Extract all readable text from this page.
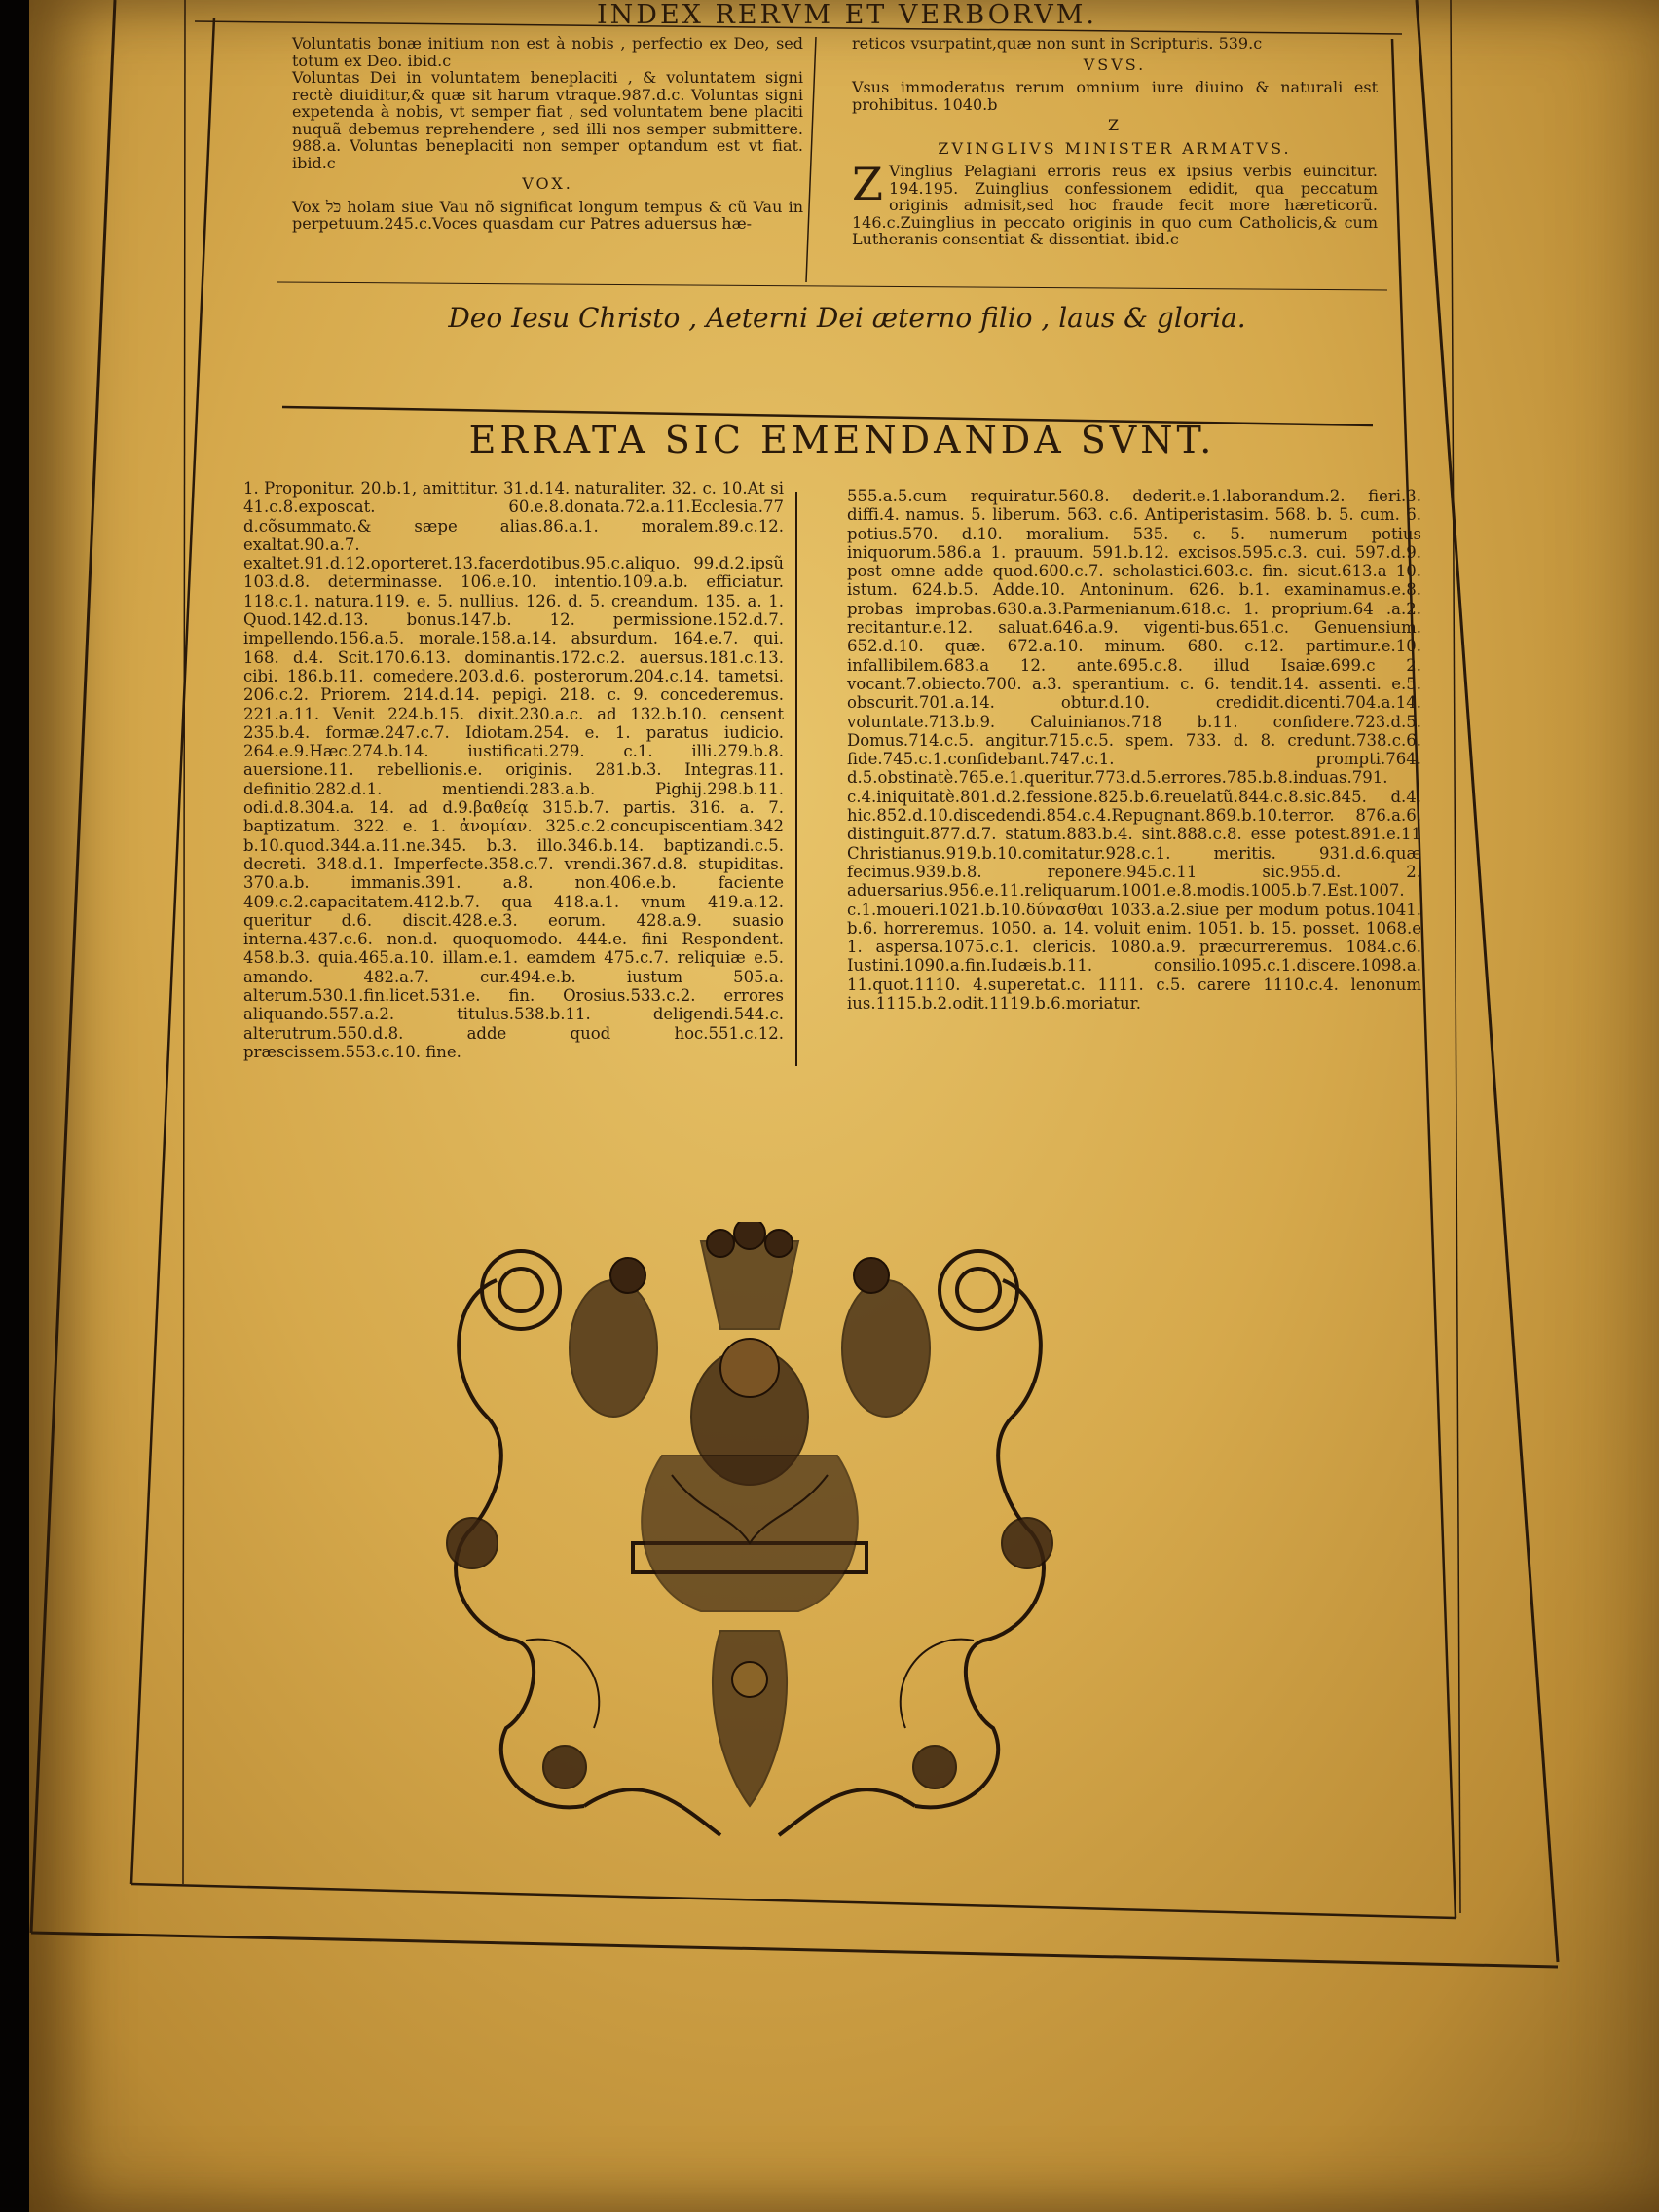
INDEX RERVM ET VERBORVM.

Voluntatis bonæ initium non est à nobis , perfectio ex Deo, sed totum ex Deo. ibid.c

Voluntas Dei in voluntatem beneplaciti , & voluntatem signi rectè diuiditur,& quæ sit harum vtraque.987.d.c. Voluntas signi expetenda à nobis, vt semper fiat , sed voluntatem bene placiti nuquã debemus reprehendere , sed illi nos semper submittere. 988.a. Voluntas beneplaciti non semper optandum est vt fiat. ibid.c

VOX.

Vox כֹּל holam siue Vau nõ significat longum tempus & cũ Vau in perpetuum.245.c.Voces quasdam cur Patres aduersus hæ-

reticos vsurpatint,quæ non sunt in Scripturis. 539.c

VSVS.

Vsus immoderatus rerum omnium iure diuino & naturali est prohibitus. 1040.b

Z
ZVINGLIVS MINISTER ARMATVS.

Z Vinglius Pelagiani erroris reus ex ipsius verbis euincitur. 194.195. Zuinglius confessionem edidit, qua peccatum originis admisit,sed hoc fraude fecit more hæreticorũ. 146.c.Zuinglius in peccato originis in quo cum Catholicis,& cum Lutheranis consentiat & dissentiat. ibid.c

Deo Iesu Christo , Aeterni Dei æterno filio , laus & gloria.
ERRATA SIC EMENDANDA SVNT.
1. Proponitur. 20.b.1, amittitur. 31.d.14. naturaliter. 32. c. 10.At si 41.c.8.exposcat. 60.e.8.donata.72.a.11.Ecclesia.77 d.cõsummato.& sæpe alias.86.a.1. moralem.89.c.12. exaltat.90.a.7. exaltet.91.d.12.oporteret.13.facerdotibus.95.c.aliquo. 99.d.2.ipsũ 103.d.8. determinasse. 106.e.10. intentio.109.a.b. efficiatur. 118.c.1. natura.119. e. 5. nullius. 126. d. 5. creandum. 135. a. 1. Quod.142.d.13. bonus.147.b. 12. permissione.152.d.7. impellendo.156.a.5. morale.158.a.14. absurdum. 164.e.7. qui. 168. d.4. Scit.170.6.13. dominantis.172.c.2. auersus.181.c.13. cibi. 186.b.11. comedere.203.d.6. posterorum.204.c.14. tametsi. 206.c.2. Priorem. 214.d.14. pepigi. 218. c. 9. concederemus. 221.a.11. Venit 224.b.15. dixit.230.a.c. ad 132.b.10. censent 235.b.4. formæ.247.c.7. Idiotam.254. e. 1. paratus iudicio. 264.e.9.Hæc.274.b.14. iustificati.279. c.1. illi.279.b.8. auersione.11. rebellionis.e. originis. 281.b.3. Integras.11. definitio.282.d.1. mentiendi.283.a.b. Pighij.298.b.11. odi.d.8.304.a. 14. ad d.9.βαθείᾳ 315.b.7. partis. 316. a. 7. baptizatum. 322. e. 1. ἀνομίαν. 325.c.2.concupiscentiam.342 b.10.quod.344.a.11.ne.345. b.3. illo.346.b.14. baptizandi.c.5. decreti. 348.d.1. Imperfecte.358.c.7. vrendi.367.d.8. stupiditas. 370.a.b. immanis.391. a.8. non.406.e.b. faciente 409.c.2.capacitatem.412.b.7. qua 418.a.1. vnum 419.a.12. queritur d.6. discit.428.e.3. eorum. 428.a.9. suasio interna.437.c.6. non.d. quoquomodo. 444.e. fini Respondent. 458.b.3. quia.465.a.10. illam.e.1. eamdem 475.c.7. reliquiæ e.5. amando. 482.a.7. cur.494.e.b. iustum 505.a. alterum.530.1.fin.licet.531.e. fin. Orosius.533.c.2. errores aliquando.557.a.2. titulus.538.b.11. deligendi.544.c. alterutrum.550.d.8. adde quod hoc.551.c.12. præscissem.553.c.10. fine.
555.a.5.cum requiratur.560.8. dederit.e.1.laborandum.2. fieri.3. diffi.4. namus. 5. liberum. 563. c.6. Antiperistasim. 568. b. 5. cum. 6. potius.570. d.10. moralium. 535. c. 5. numerum potius iniquorum.586.a 1. prauum. 591.b.12. excisos.595.c.3. cui. 597.d.9. post omne adde quod.600.c.7. scholastici.603.c. fin. sicut.613.a 10. istum. 624.b.5. Adde.10. Antoninum. 626. b.1. examinamus.e.8. probas improbas.630.a.3.Parmenianum.618.c. 1. proprium.64 .a.2. recitantur.e.12. saluat.646.a.9. vigenti-bus.651.c. Genuensium. 652.d.10. quæ. 672.a.10. minum. 680. c.12. partimur.e.10. infallibilem.683.a 12. ante.695.c.8. illud Isaiæ.699.c 2. vocant.7.obiecto.700. a.3. sperantium. c. 6. tendit.14. assenti. e.5. obscurit.701.a.14. obtur.d.10. credidit.dicenti.704.a.14. voluntate.713.b.9. Caluinianos.718 b.11. confidere.723.d.5. Domus.714.c.5. angitur.715.c.5. spem. 733. d. 8. credunt.738.c.6. fide.745.c.1.confidebant.747.c.1. prompti.764. d.5.obstinatè.765.e.1.queritur.773.d.5.errores.785.b.8.induas.791. c.4.iniquitatè.801.d.2.fessione.825.b.6.reuelatũ.844.c.8.sic.845. d.4. hic.852.d.10.discedendi.854.c.4.Repugnant.869.b.10.terror. 876.a.6. distinguit.877.d.7. statum.883.b.4. sint.888.c.8. esse potest.891.e.11 Christianus.919.b.10.comitatur.928.c.1. meritis. 931.d.6.quæ fecimus.939.b.8. reponere.945.c.11 sic.955.d. 2. aduersarius.956.e.11.reliquarum.1001.e.8.modis.1005.b.7.Est.1007. c.1.moueri.1021.b.10.δύνασθαι 1033.a.2.siue per modum potus.1041. b.6. horreremus. 1050. a. 14. voluit enim. 1051. b. 15. posset. 1068.e 1. aspersa.1075.c.1. clericis. 1080.a.9. præcurreremus. 1084.c.6. Iustini.1090.a.fin.Iudæis.b.11. consilio.1095.c.1.discere.1098.a. 11.quot.1110. 4.superetat.c. 1111. c.5. carere 1110.c.4. lenonum ius.1115.b.2.odit.1119.b.6.moriatur.
